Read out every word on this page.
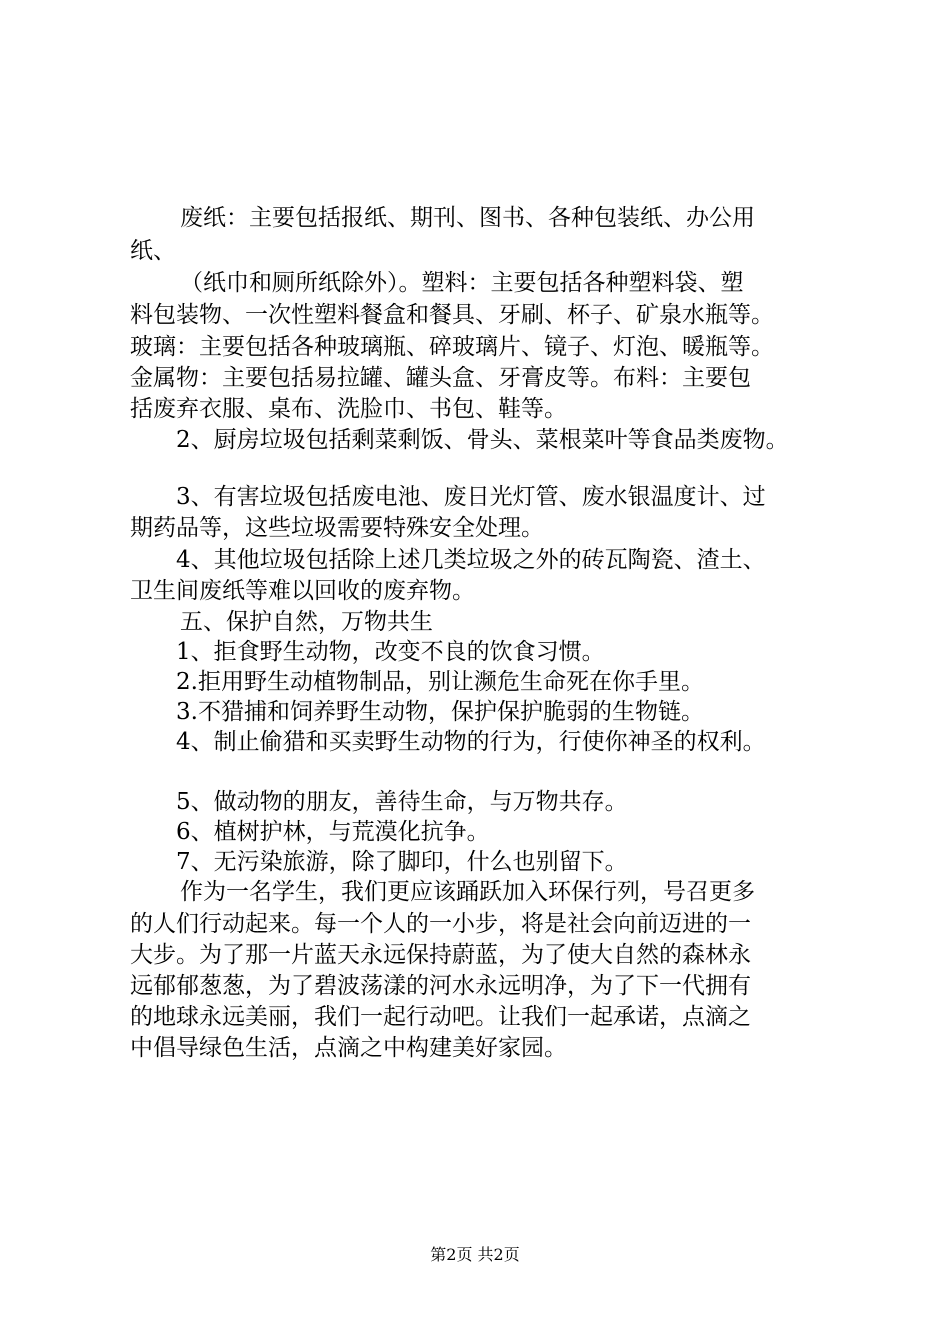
废纸：主要包括报纸、期刊、图书、各种包装纸、办公用
纸、
（纸巾和厕所纸除外）。塑料：主要包括各种塑料袋、塑
料包装物、一次性塑料餐盒和餐具、牙刷、杯子、矿泉水瓶等。
玻璃：主要包括各种玻璃瓶、碎玻璃片、镜子、灯泡、暖瓶等。
金属物：主要包括易拉罐、罐头盒、牙膏皮等。布料：主要包
括废弃衣服、桌布、洗脸巾、书包、鞋等。
2、厨房垃圾包括剩菜剩饭、骨头、菜根菜叶等食品类废物。
3、有害垃圾包括废电池、废日光灯管、废水银温度计、过
期药品等，这些垃圾需要特殊安全处理。
4、其他垃圾包括除上述几类垃圾之外的砖瓦陶瓷、渣土、
卫生间废纸等难以回收的废弃物。
五、保护自然，万物共生
1、拒食野生动物，改变不良的饮食习惯。
2.拒用野生动植物制品，别让濒危生命死在你手里。
3.不猎捕和饲养野生动物，保护保护脆弱的生物链。
4、制止偷猎和买卖野生动物的行为，行使你神圣的权利。
5、做动物的朋友，善待生命，与万物共存。
6、植树护林，与荒漠化抗争。
7、无污染旅游，除了脚印，什么也别留下。
作为一名学生，我们更应该踊跃加入环保行列，号召更多
的人们行动起来。每一个人的一小步，将是社会向前迈进的一
大步。为了那一片蓝天永远保持蔚蓝，为了使大自然的森林永
远郁郁葱葱，为了碧波荡漾的河水永远明净，为了下一代拥有
的地球永远美丽，我们一起行动吧。让我们一起承诺，点滴之
中倡导绿色生活，点滴之中构建美好家园。
第2页 共2页
